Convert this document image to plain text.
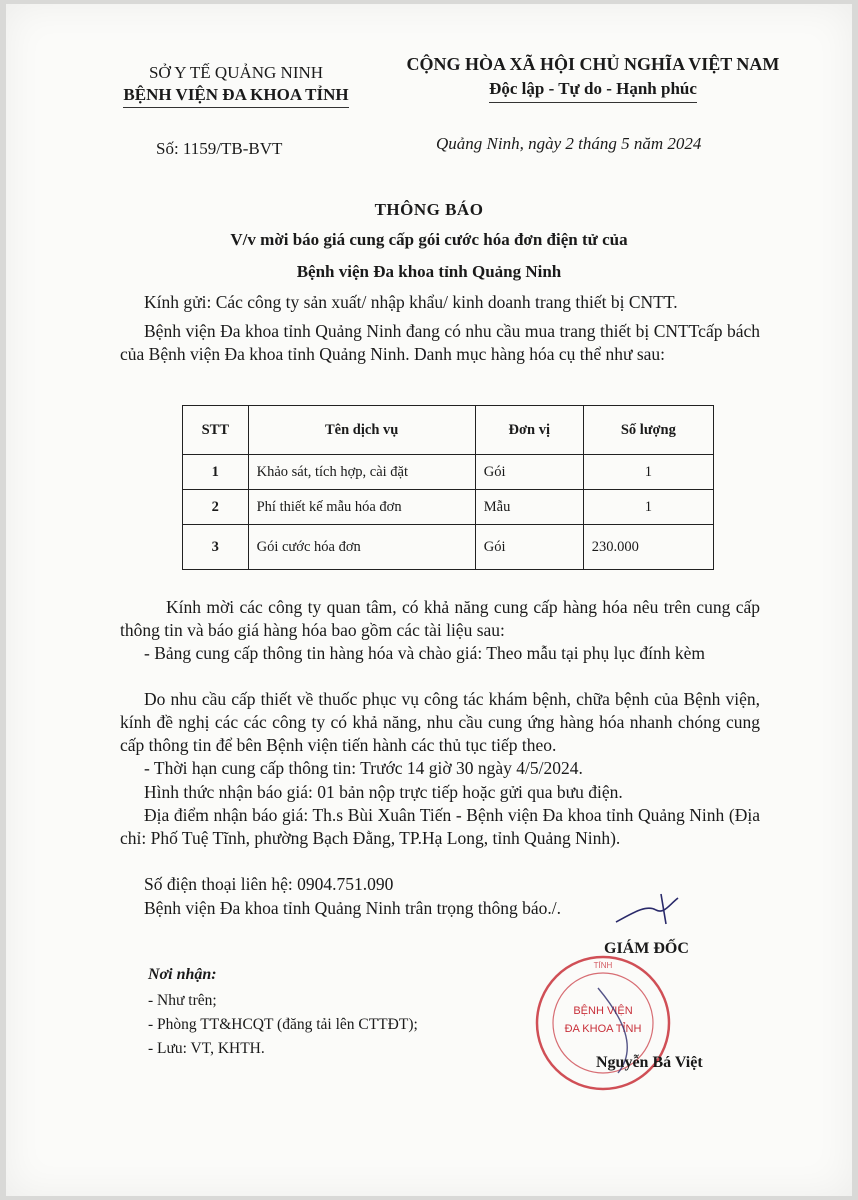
SỞ Y TẾ QUẢNG NINH
BỆNH VIỆN ĐA KHOA TỈNH
CỘNG HÒA XÃ HỘI CHỦ NGHĨA VIỆT NAM
Độc lập - Tự do - Hạnh phúc
Số: 1159/TB-BVT	Quảng Ninh, ngày 2 tháng 5 năm 2024
THÔNG BÁO
V/v mời báo giá cung cấp gói cước hóa đơn điện tử của
Bệnh viện Đa khoa tỉnh Quảng Ninh
Kính gửi: Các công ty sản xuất/ nhập khẩu/ kinh doanh trang thiết bị CNTT.
Bệnh viện Đa khoa tỉnh Quảng Ninh đang có nhu cầu mua trang thiết bị CNTTcấp bách của Bệnh viện Đa khoa tỉnh Quảng Ninh. Danh mục hàng hóa cụ thể như sau:
STT	Tên dịch vụ	Đơn vị	Số lượng
1	Khảo sát, tích hợp, cài đặt	Gói	1
2	Phí thiết kế mẫu hóa đơn	Mẫu	1
3	Gói cước hóa đơn	Gói	230.000
Kính mời các công ty quan tâm, có khả năng cung cấp hàng hóa nêu trên cung cấp thông tin và báo giá hàng hóa bao gồm các tài liệu sau:
- Bảng cung cấp thông tin hàng hóa và chào giá: Theo mẫu tại phụ lục đính kèm
Do nhu cầu cấp thiết về thuốc phục vụ công tác khám bệnh, chữa bệnh của Bệnh viện, kính đề nghị các các công ty có khả năng, nhu cầu cung ứng hàng hóa nhanh chóng cung cấp thông tin để bên Bệnh viện tiến hành các thủ tục tiếp theo.
- Thời hạn cung cấp thông tin: Trước 14 giờ 30 ngày 4/5/2024.
Hình thức nhận báo giá: 01 bản nộp trực tiếp hoặc gửi qua bưu điện.
Địa điểm nhận báo giá: Th.s Bùi Xuân Tiến - Bệnh viện Đa khoa tỉnh Quảng Ninh (Địa chỉ: Phố Tuệ Tĩnh, phường Bạch Đằng, TP.Hạ Long, tỉnh Quảng Ninh).
Số điện thoại liên hệ: 0904.751.090
Bệnh viện Đa khoa tỉnh Quảng Ninh trân trọng thông báo./.
GIÁM ĐỐC
TỈNH
BỆNH VIỆN
ĐA KHOA TỈNH
Nguyễn Bá Việt
Nơi nhận:
- Như trên;
- Phòng TT&HCQT (đăng tải lên CTTĐT);
- Lưu: VT, KHTH.
